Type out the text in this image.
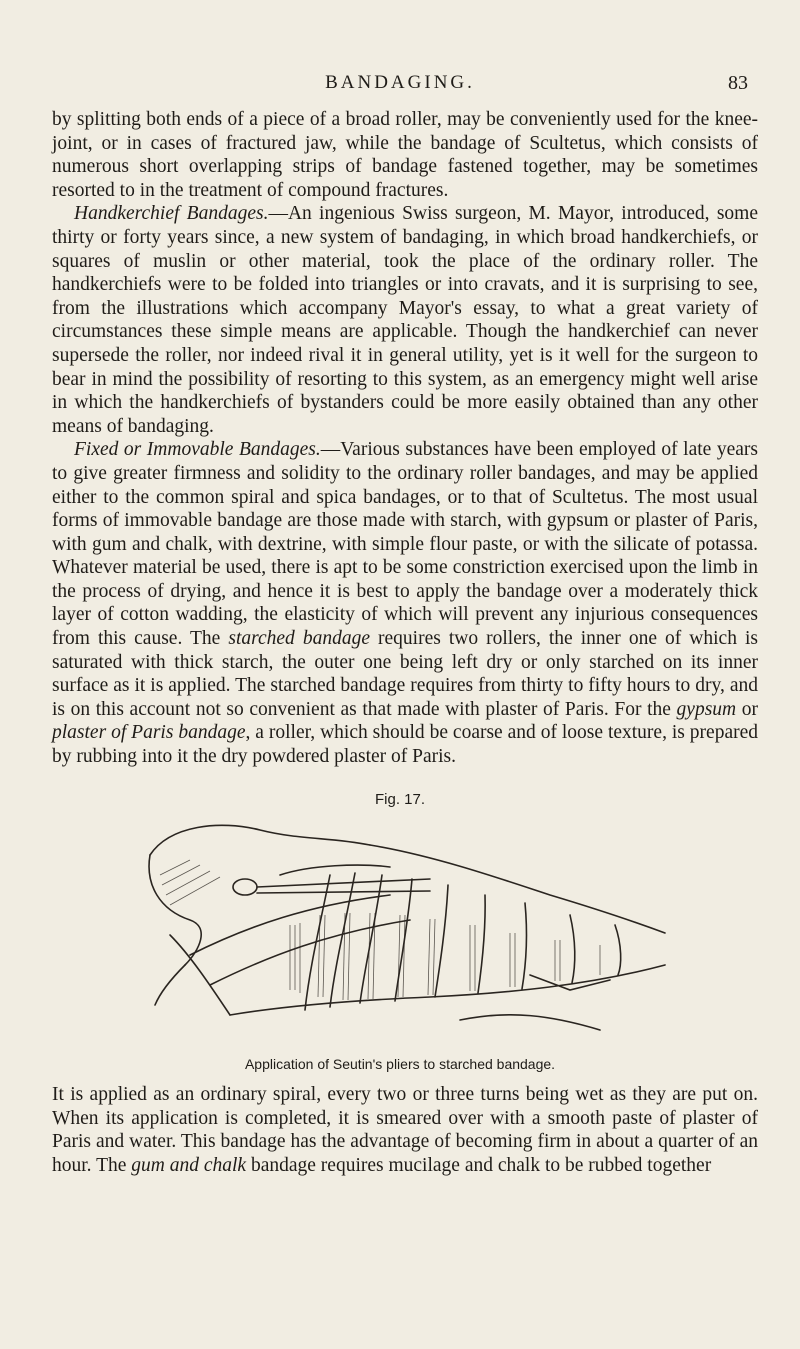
BANDAGING.	83

by splitting both ends of a piece of a broad roller, may be conveniently used for the knee-joint, or in cases of fractured jaw, while the bandage of Scultetus, which consists of numerous short overlapping strips of bandage fastened together, may be sometimes resorted to in the treatment of compound fractures.

Handkerchief Bandages.—An ingenious Swiss surgeon, M. Mayor, introduced, some thirty or forty years since, a new system of bandaging, in which broad handkerchiefs, or squares of muslin or other material, took the place of the ordinary roller. The handkerchiefs were to be folded into triangles or into cravats, and it is surprising to see, from the illustrations which accompany Mayor's essay, to what a great variety of circumstances these simple means are applicable. Though the handkerchief can never supersede the roller, nor indeed rival it in general utility, yet is it well for the surgeon to bear in mind the possibility of resorting to this system, as an emergency might well arise in which the handkerchiefs of bystanders could be more easily obtained than any other means of bandaging.

Fixed or Immovable Bandages.—Various substances have been employed of late years to give greater firmness and solidity to the ordinary roller bandages, and may be applied either to the common spiral and spica bandages, or to that of Scultetus. The most usual forms of immovable bandage are those made with starch, with gypsum or plaster of Paris, with gum and chalk, with dextrine, with simple flour paste, or with the silicate of potassa. Whatever material be used, there is apt to be some constriction exercised upon the limb in the process of drying, and hence it is best to apply the bandage over a moderately thick layer of cotton wadding, the elasticity of which will prevent any injurious consequences from this cause. The starched bandage requires two rollers, the inner one of which is saturated with thick starch, the outer one being left dry or only starched on its inner surface as it is applied. The starched bandage requires from thirty to fifty hours to dry, and is on this account not so convenient as that made with plaster of Paris. For the gypsum or plaster of Paris bandage, a roller, which should be coarse and of loose texture, is prepared by rubbing into it the dry powdered plaster of Paris.

Fig. 17.
Application of Seutin's pliers to starched bandage.

It is applied as an ordinary spiral, every two or three turns being wet as they are put on. When its application is completed, it is smeared over with a smooth paste of plaster of Paris and water. This bandage has the advantage of becoming firm in about a quarter of an hour. The gum and chalk bandage requires mucilage and chalk to be rubbed together
